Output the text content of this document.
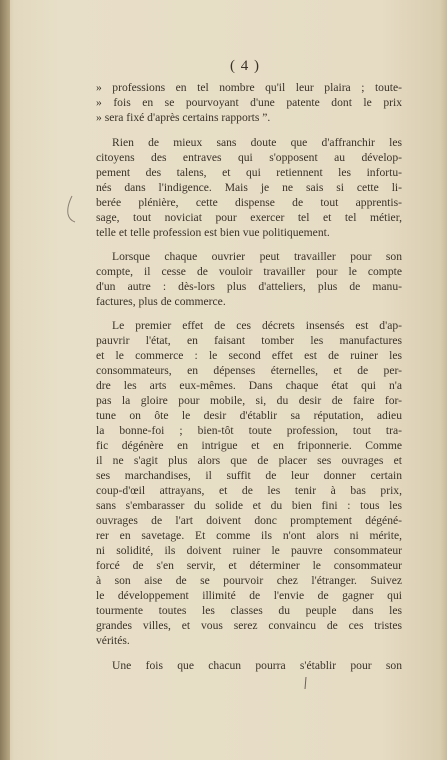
( 4 )
» professions en tel nombre qu'il leur plaira ; toute-
» fois en se pourvoyant d'une patente dont le prix
» sera fixé d'après certains rapports ”.
Rien de mieux sans doute que d'affranchir les
citoyens des entraves qui s'opposent au dévelop-
pement des talens, et qui retiennent les infortu-
nés dans l'indigence. Mais je ne sais si cette li-
berée plénière, cette dispense de tout apprentis-
sage, tout noviciat pour exercer tel et tel métier,
telle et telle profession est bien vue politiquement.
Lorsque chaque ouvrier peut travailler pour son
compte, il cesse de vouloir travailler pour le compte
d'un autre : dès-lors plus d'atteliers, plus de manu-
factures, plus de commerce.
Le premier effet de ces décrets insensés est d'ap-
pauvrir l'état, en faisant tomber les manufactures
et le commerce : le second effet est de ruiner les
consommateurs, en dépenses éternelles, et de per-
dre les arts eux-mêmes. Dans chaque état qui n'a
pas la gloire pour mobile, si, du desir de faire for-
tune on ôte le desir d'établir sa réputation, adieu
la bonne-foi ; bien-tôt toute profession, tout tra-
fic dégénère en intrigue et en friponnerie. Comme
il ne s'agit plus alors que de placer ses ouvrages et
ses marchandises, il suffit de leur donner certain
coup-d'œil attrayans, et de les tenir à bas prix,
sans s'embarasser du solide et du bien fini : tous les
ouvrages de l'art doivent donc promptement dégéné-
rer en savetage. Et comme ils n'ont alors ni mérite,
ni solidité, ils doivent ruiner le pauvre consommateur
forcé de s'en servir, et déterminer le consommateur
à son aise de se pourvoir chez l'étranger. Suivez
le développement illimité de l'envie de gagner qui
tourmente toutes les classes du peuple dans les
grandes villes, et vous serez convaincu de ces tristes
vérités.
Une fois que chacun pourra s'établir pour son
